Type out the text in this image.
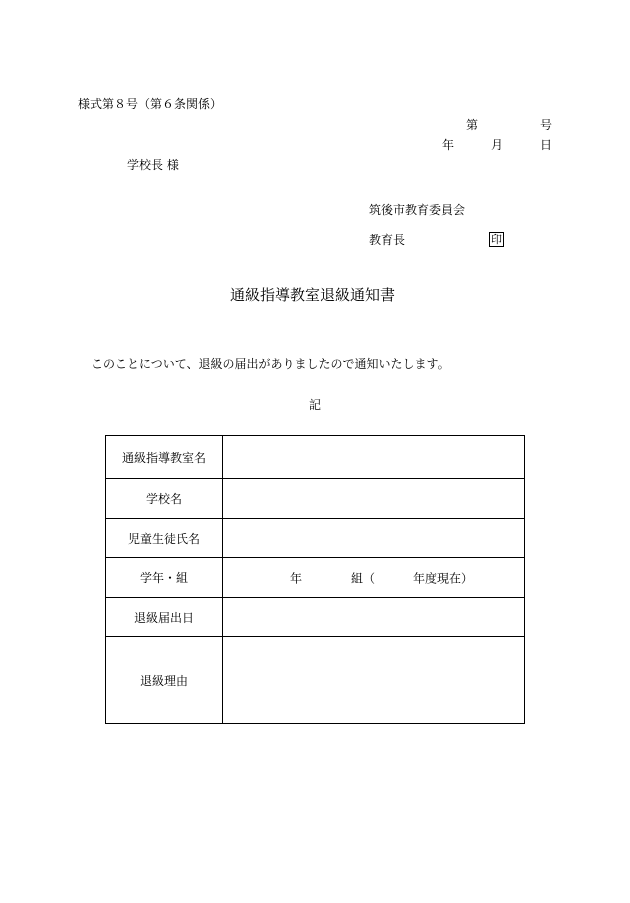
様式第８号（第６条関係）
第	号
年	月	日
学校長 様
筑後市教育委員会
教育長	印
通級指導教室退級通知書
このことについて、退級の届出がありましたので通知いたします。
記
通級指導教室名	
学校名	
児童生徒氏名	
学年・組	年 組（ 年度現在）

退級届出日	
退級理由	
